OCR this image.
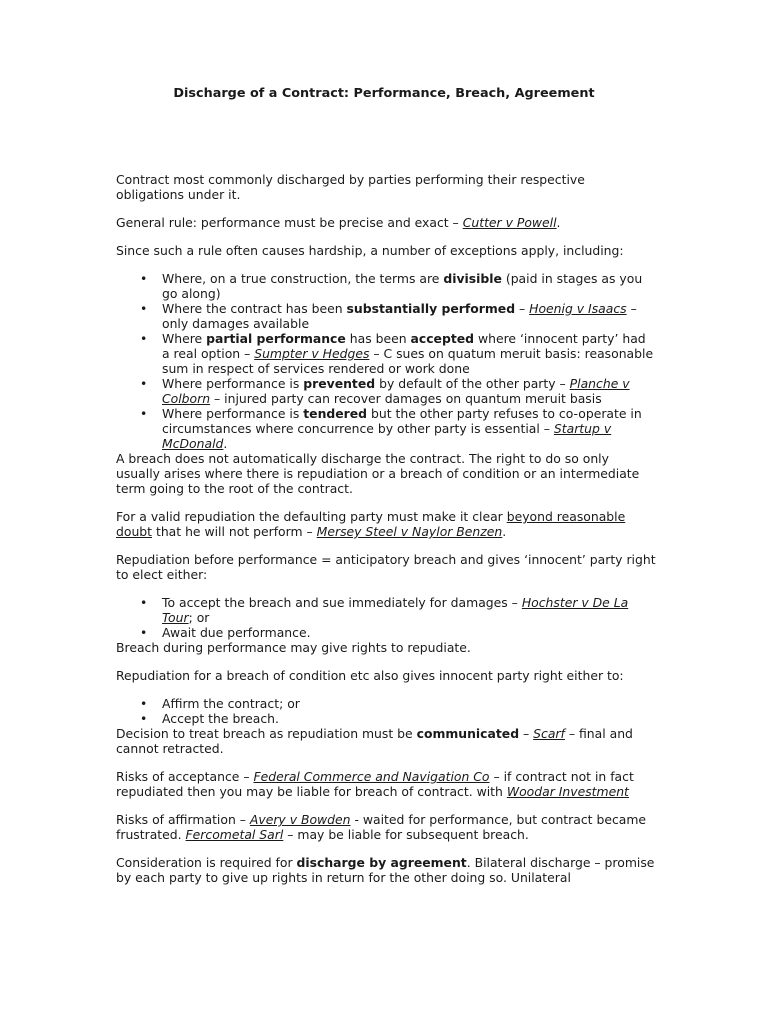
Discharge of a Contract: Performance, Breach, Agreement

Contract most commonly discharged by parties performing their respective obligations under it.

General rule: performance must be precise and exact – Cutter v Powell.

Since such a rule often causes hardship, a number of exceptions apply, including:

• Where, on a true construction, the terms are divisible (paid in stages as you go along)
• Where the contract has been substantially performed – Hoenig v Isaacs – only damages available
• Where partial performance has been accepted where ‘innocent party’ had a real option – Sumpter v Hedges – C sues on quatum meruit basis: reasonable sum in respect of services rendered or work done
• Where performance is prevented by default of the other party – Planche v Colborn – injured party can recover damages on quantum meruit basis
• Where performance is tendered but the other party refuses to co-operate in circumstances where concurrence by other party is essential – Startup v McDonald.

A breach does not automatically discharge the contract. The right to do so only usually arises where there is repudiation or a breach of condition or an intermediate term going to the root of the contract.

For a valid repudiation the defaulting party must make it clear beyond reasonable doubt that he will not perform – Mersey Steel v Naylor Benzen.

Repudiation before performance = anticipatory breach and gives ‘innocent’ party right to elect either:

• To accept the breach and sue immediately for damages – Hochster v De La Tour; or
• Await due performance.

Breach during performance may give rights to repudiate.

Repudiation for a breach of condition etc also gives innocent party right either to:

• Affirm the contract; or
• Accept the breach.

Decision to treat breach as repudiation must be communicated – Scarf – final and cannot retracted.

Risks of acceptance – Federal Commerce and Navigation Co – if contract not in fact repudiated then you may be liable for breach of contract. with Woodar Investment

Risks of affirmation – Avery v Bowden - waited for performance, but contract became frustrated. Fercometal Sarl – may be liable for subsequent breach.

Consideration is required for discharge by agreement. Bilateral discharge – promise by each party to give up rights in return for the other doing so. Unilateral
